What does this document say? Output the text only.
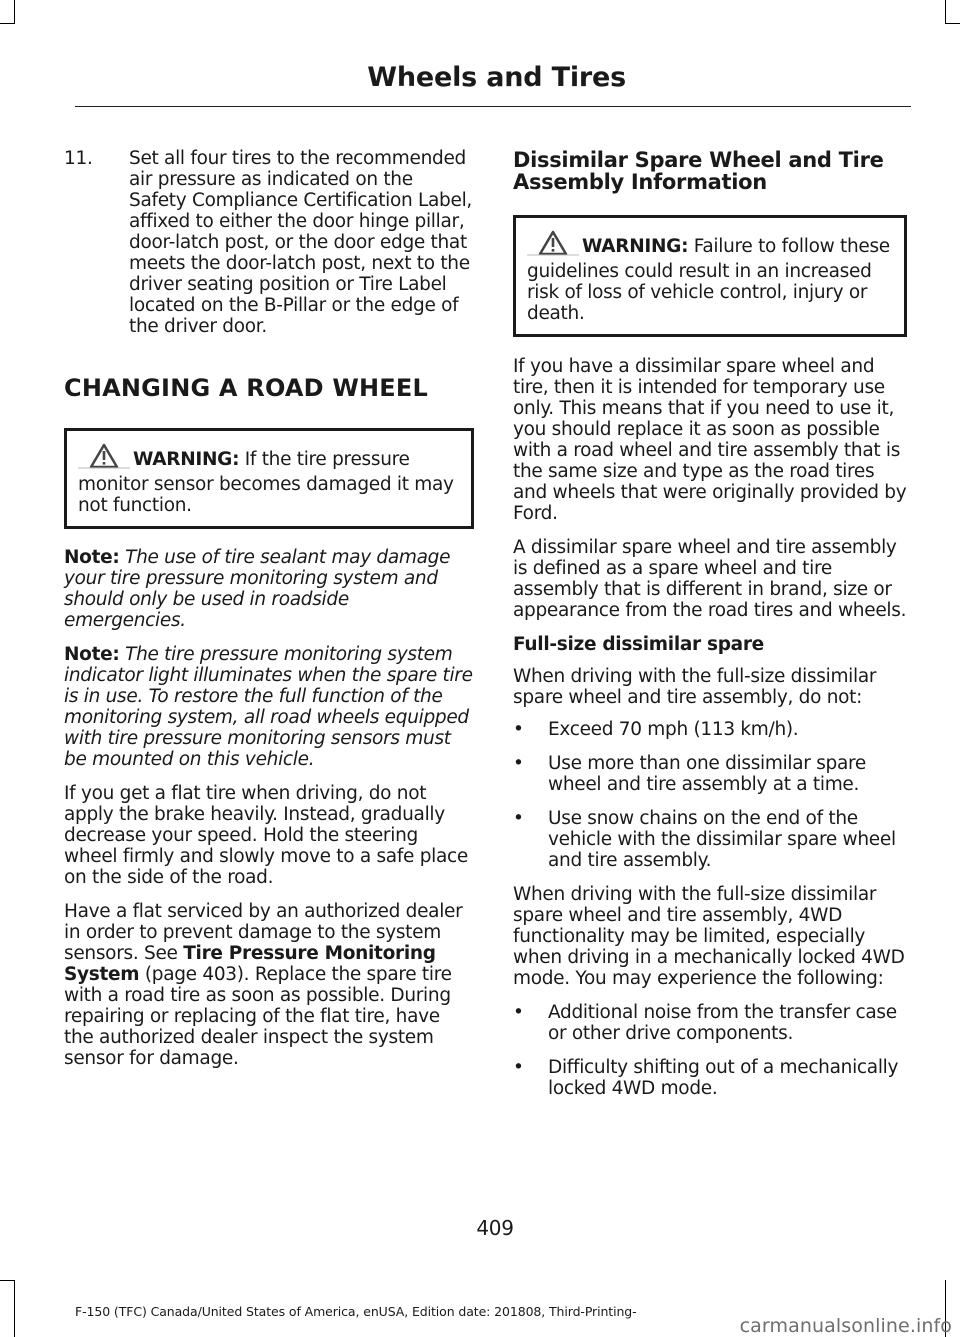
Wheels and Tires

11. Set all four tires to the recommended air pressure as indicated on the Safety Compliance Certification Label, affixed to either the door hinge pillar, door-latch post, or the door edge that meets the door-latch post, next to the driver seating position or Tire Label located on the B-Pillar or the edge of the driver door.

CHANGING A ROAD WHEEL

WARNING: If the tire pressure monitor sensor becomes damaged it may not function.

Note: The use of tire sealant may damage your tire pressure monitoring system and should only be used in roadside emergencies.

Note: The tire pressure monitoring system indicator light illuminates when the spare tire is in use. To restore the full function of the monitoring system, all road wheels equipped with tire pressure monitoring sensors must be mounted on this vehicle.

If you get a flat tire when driving, do not apply the brake heavily. Instead, gradually decrease your speed. Hold the steering wheel firmly and slowly move to a safe place on the side of the road.

Have a flat serviced by an authorized dealer in order to prevent damage to the system sensors. See Tire Pressure Monitoring System (page 403). Replace the spare tire with a road tire as soon as possible. During repairing or replacing of the flat tire, have the authorized dealer inspect the system sensor for damage.

Dissimilar Spare Wheel and Tire Assembly Information

WARNING: Failure to follow these guidelines could result in an increased risk of loss of vehicle control, injury or death.

If you have a dissimilar spare wheel and tire, then it is intended for temporary use only. This means that if you need to use it, you should replace it as soon as possible with a road wheel and tire assembly that is the same size and type as the road tires and wheels that were originally provided by Ford.

A dissimilar spare wheel and tire assembly is defined as a spare wheel and tire assembly that is different in brand, size or appearance from the road tires and wheels.

Full-size dissimilar spare

When driving with the full-size dissimilar spare wheel and tire assembly, do not:

• Exceed 70 mph (113 km/h).
• Use more than one dissimilar spare wheel and tire assembly at a time.
• Use snow chains on the end of the vehicle with the dissimilar spare wheel and tire assembly.

When driving with the full-size dissimilar spare wheel and tire assembly, 4WD functionality may be limited, especially when driving in a mechanically locked 4WD mode. You may experience the following:

• Additional noise from the transfer case or other drive components.
• Difficulty shifting out of a mechanically locked 4WD mode.

409

F-150 (TFC) Canada/United States of America, enUSA, Edition date: 201808, Third-Printing-

carmanualsonline.info
